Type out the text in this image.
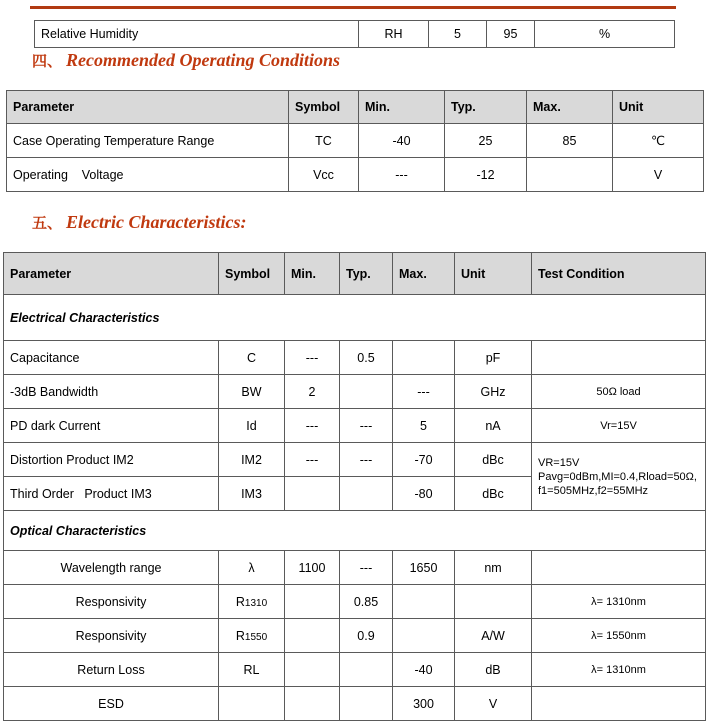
Relative Humidity	RH	5	95	%
四、 Recommended Operating Conditions
Parameter	Symbol	Min.	Typ.	Max.	Unit
Case Operating Temperature Range	TC	-40	25	85	℃
Operating    Voltage	Vcc	---	-12		V
五、 Electric Characteristics:
Parameter	Symbol	Min.	Typ.	Max.	Unit	Test Condition
Electrical Characteristics						
Capacitance	C	---	0.5		pF	
-3dB Bandwidth	BW	2		---	GHz	50Ω load
PD dark Current	Id	---	---	5	nA	Vr=15V
Distortion Product IM2	IM2	---	---	-70	dBc	VR=15V Pavg=0dBm,MI=0.4,Rload=50Ω, f1=505MHz,f2=55MHz
Third Order   Product IM3	IM3			-80	dBc	
Optical Characteristics						
Wavelength range	λ	1100	---	1650	nm	
Responsivity	R1310		0.85			λ= 1310nm
Responsivity	R1550		0.9		A/W	λ= 1550nm
Return Loss	RL			-40	dB	λ= 1310nm
ESD				300	V	
